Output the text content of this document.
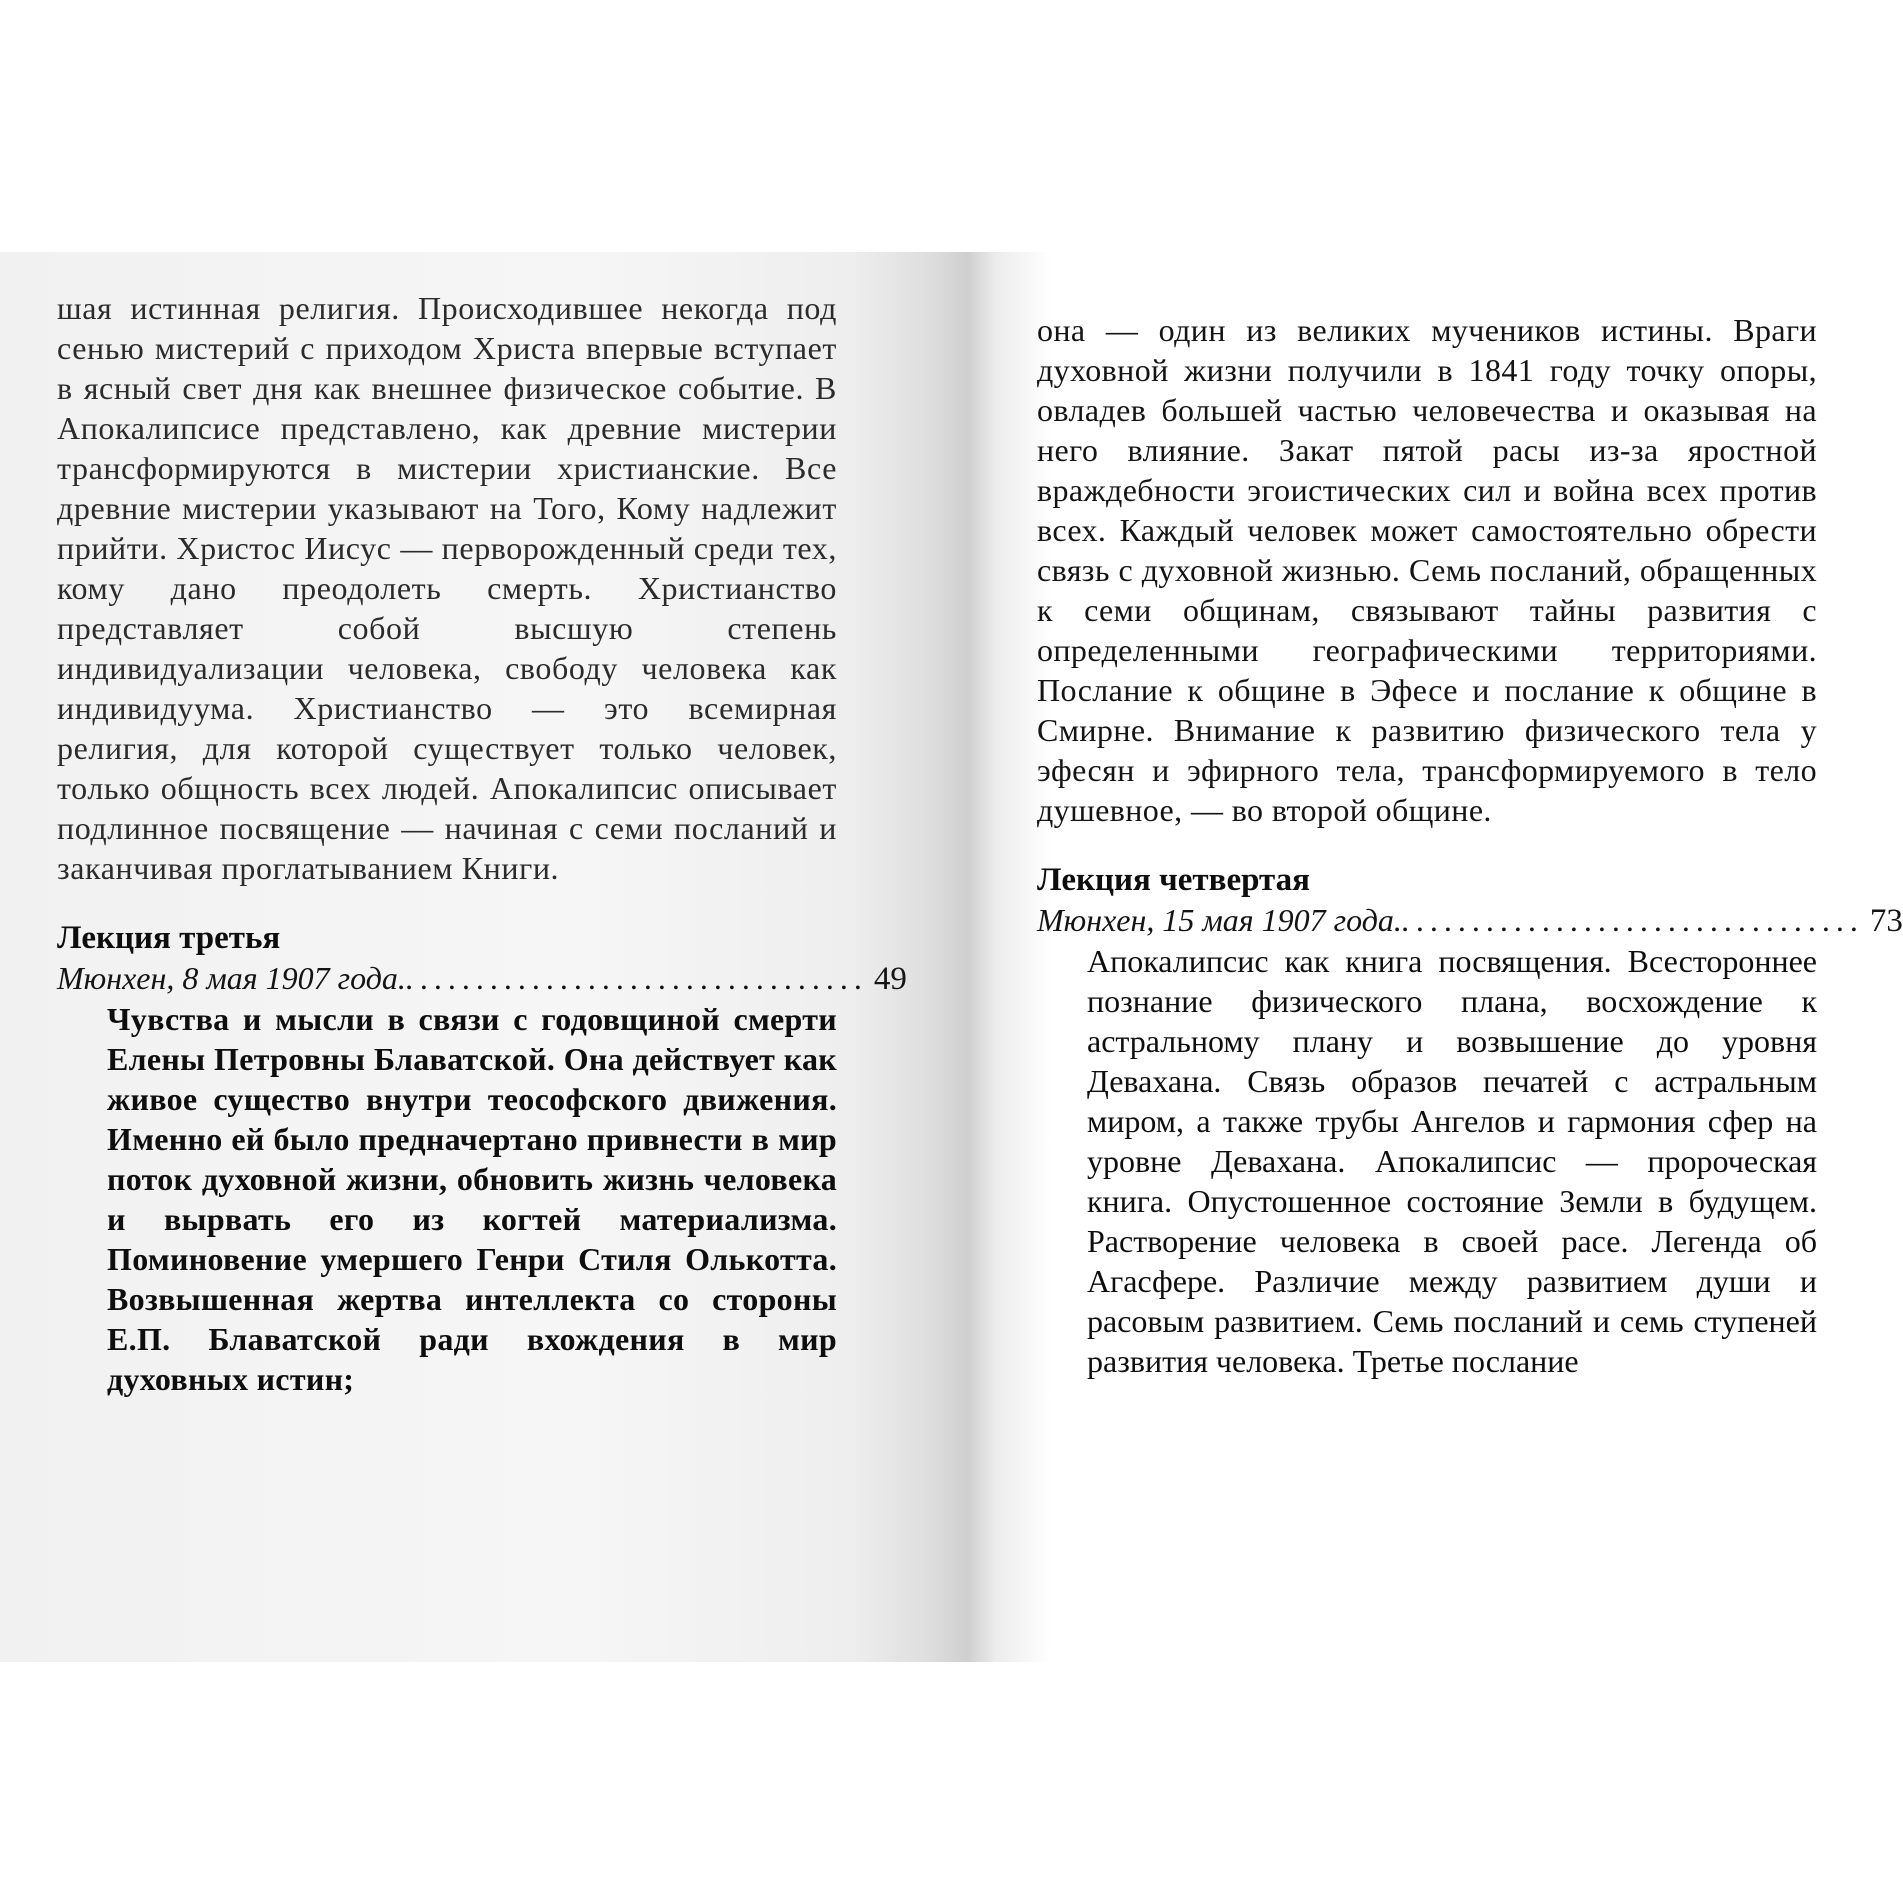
шая истинная религия. Происходившее некогда под сенью мистерий с приходом Христа впервые вступает в ясный свет дня как внешнее физическое событие. В Апокалипсисе представлено, как древние мистерии трансформируются в мистерии христианские. Все древние мистерии указывают на Того, Кому надлежит прийти. Христос Иисус — перворожденный среди тех, кому дано преодолеть смерть. Христианство представляет собой высшую степень индивидуализации человека, свободу человека как индивидуума. Христианство — это всемирная религия, для которой существует только человек, только общность всех людей. Апокалипсис описывает подлинное посвящение — начиная с семи посланий и заканчивая проглатыванием Книги.

Лекция третья
Мюнхен, 8 мая 1907 года.. ................................ 49

Чувства и мысли в связи с годовщиной смерти Елены Петровны Блаватской. Она действует как живое существо внутри теософского движения. Именно ей было предначертано привнести в мир поток духовной жизни, обновить жизнь человека и вырвать его из когтей материализма. Поминовение умершего Генри Стиля Олькотта. Возвышенная жертва интеллекта со стороны Е.П. Блаватской ради вхождения в мир духовных истин;

она — один из великих мучеников истины. Враги духовной жизни получили в 1841 году точку опоры, овладев большей частью человечества и оказывая на него влияние. Закат пятой расы из-за яростной враждебности эгоистических сил и война всех против всех. Каждый человек может самостоятельно обрести связь с духовной жизнью. Семь посланий, обращенных к семи общинам, связывают тайны развития с определенными географическими территориями. Послание к общине в Эфесе и послание к общине в Смирне. Внимание к развитию физического тела у эфесян и эфирного тела, трансформируемого в тело душевное, — во второй общине.

Лекция четвертая
Мюнхен, 15 мая 1907 года.. ................................ 73

Апокалипсис как книга посвящения. Всестороннее познание физического плана, восхождение к астральному плану и возвышение до уровня Девахана. Связь образов печатей с астральным миром, а также трубы Ангелов и гармония сфер на уровне Девахана. Апокалипсис — пророческая книга. Опустошенное состояние Земли в будущем. Растворение человека в своей расе. Легенда об Агасфере. Различие между развитием души и расовым развитием. Семь посланий и семь ступеней развития человека. Третье послание
